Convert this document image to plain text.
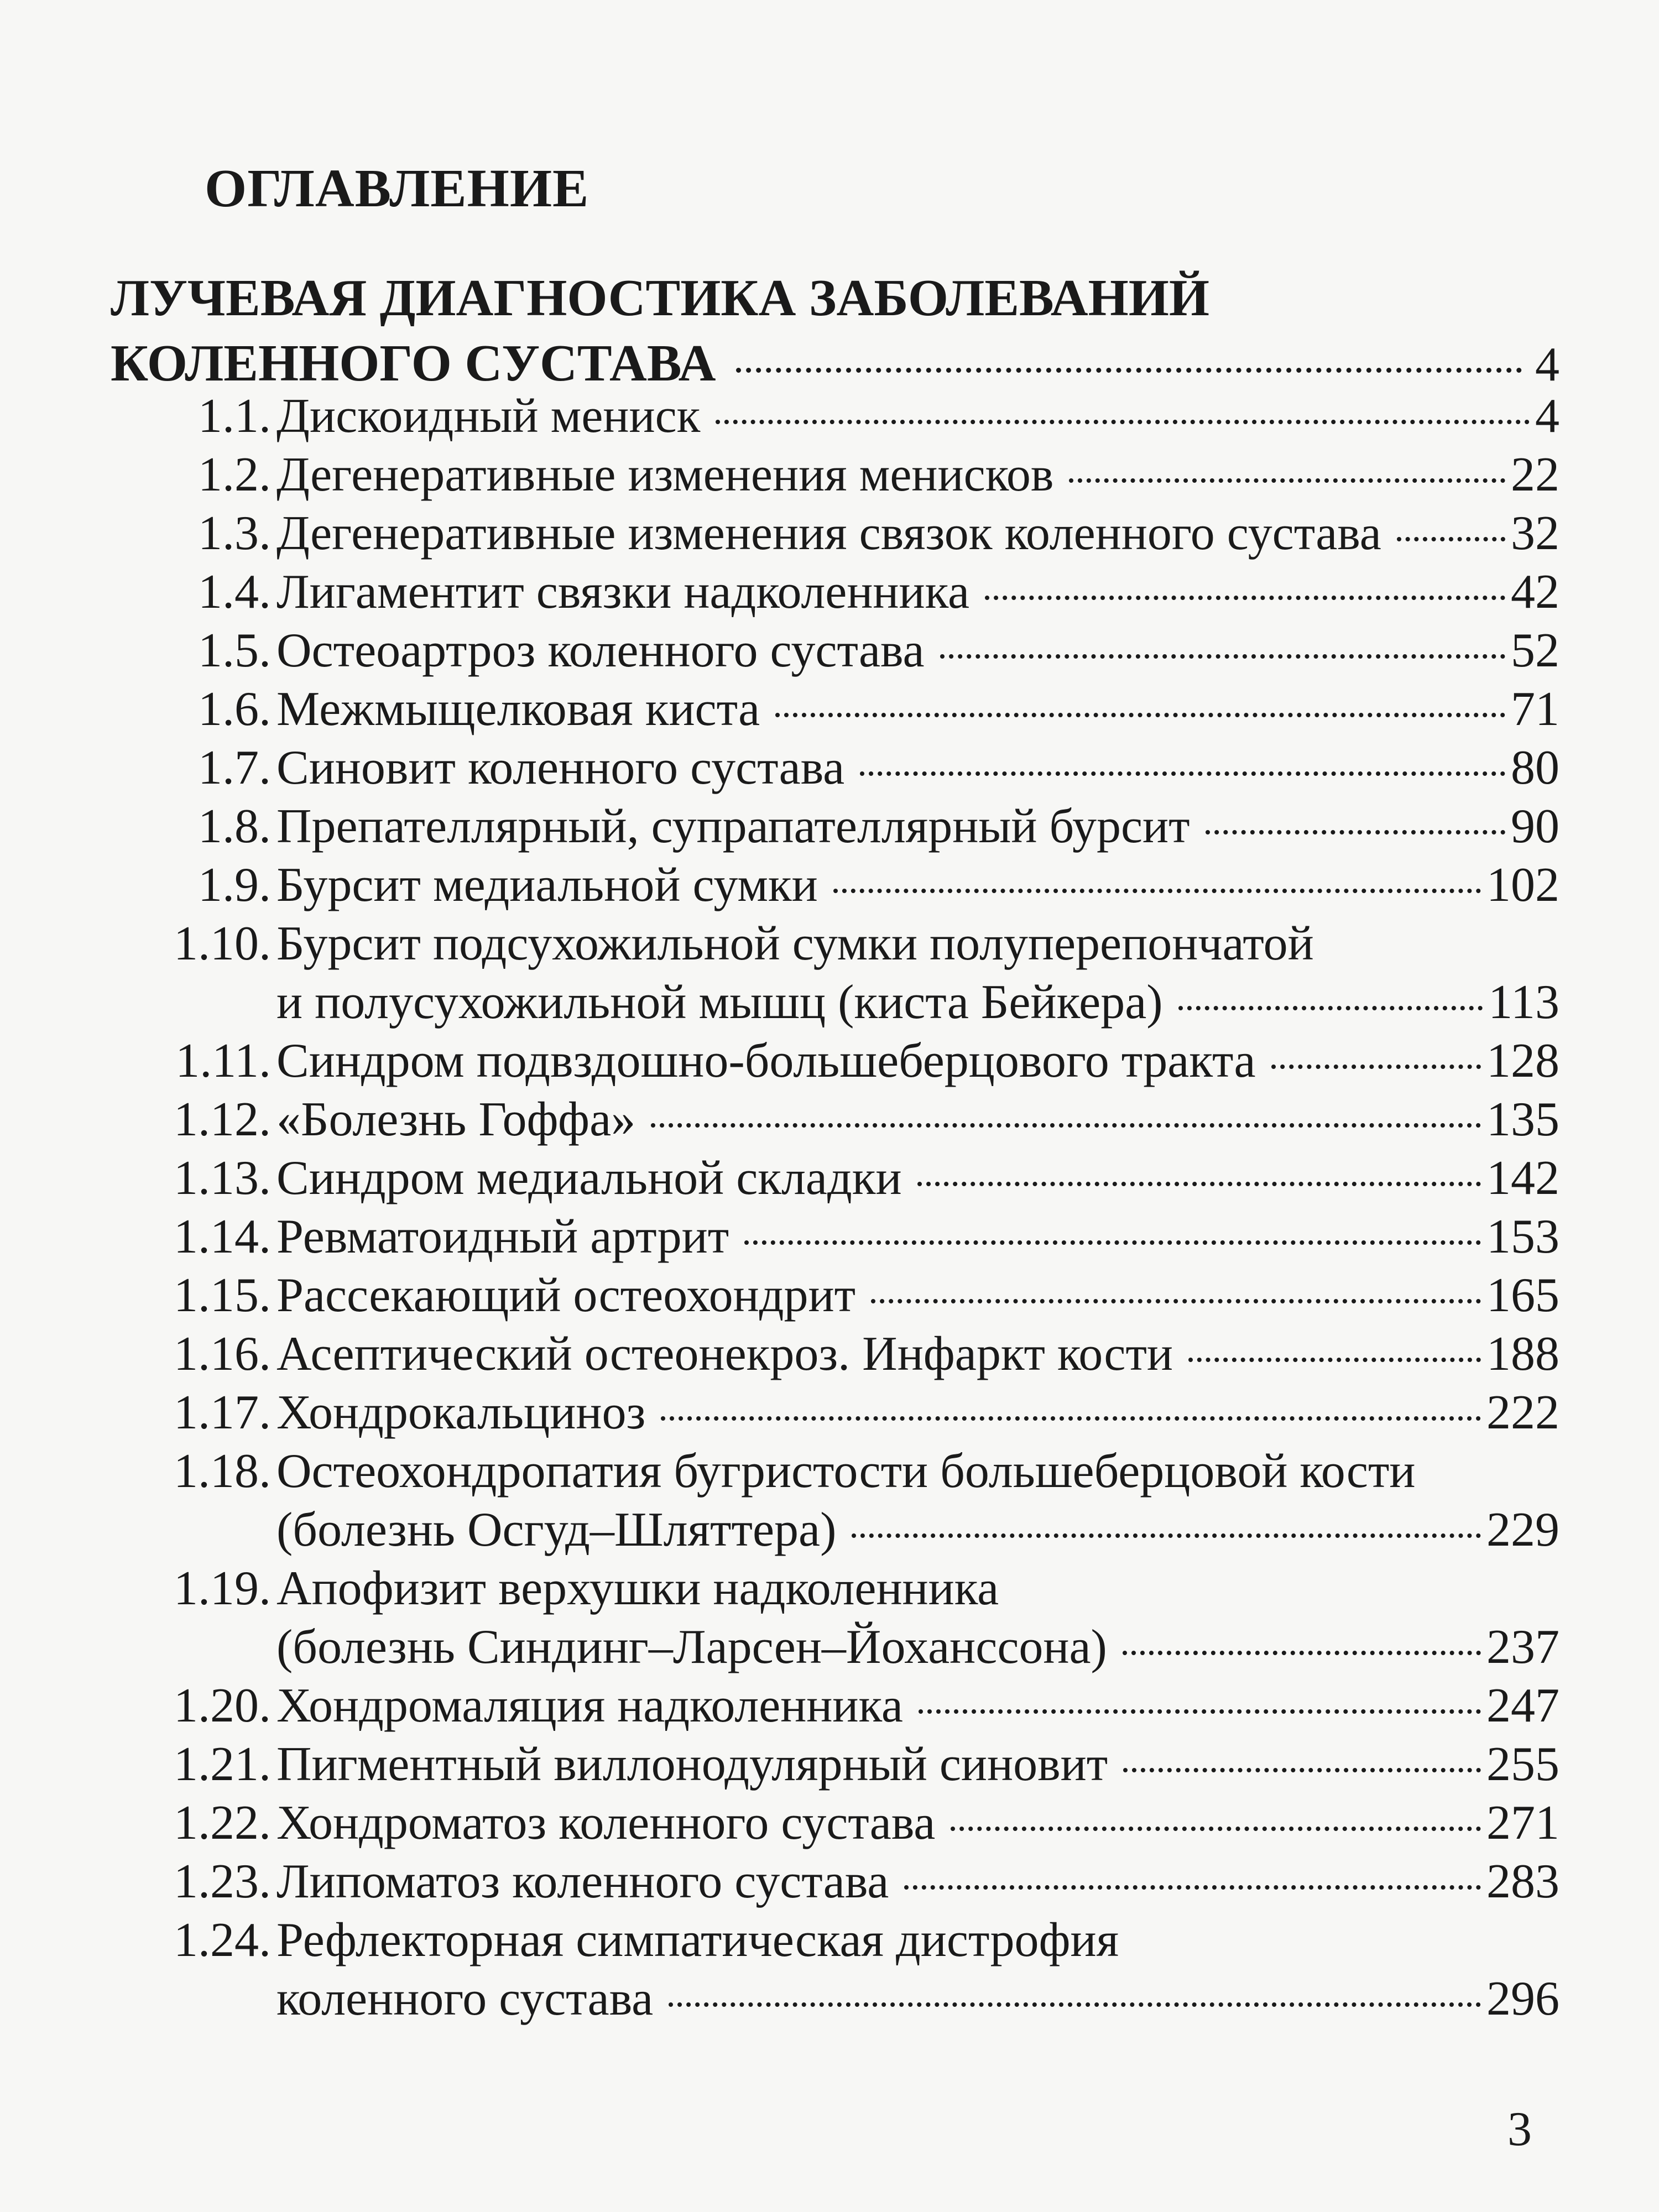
ОГЛАВЛЕНИЕ
ЛУЧЕВАЯ ДИАГНОСТИКА ЗАБОЛЕВАНИЙ
КОЛЕННОГО СУСТАВА	4
1.1. Дискоидный мениск	4
1.2. Дегенеративные изменения менисков	22
1.3. Дегенеративные изменения связок коленного сустава	32
1.4. Лигаментит связки надколенника	42
1.5. Остеоартроз коленного сустава	52
1.6. Межмыщелковая киста	71
1.7. Синовит коленного сустава	80
1.8. Препателлярный, супрапателлярный бурсит	90
1.9. Бурсит медиальной сумки	102
1.10. Бурсит подсухожильной сумки полуперепончатой
и полусухожильной мышц (киста Бейкера)	113
1.11. Синдром подвздошно-большеберцового тракта	128
1.12. «Болезнь Гоффа»	135
1.13. Синдром медиальной складки	142
1.14. Ревматоидный артрит	153
1.15. Рассекающий остеохондрит	165
1.16. Асептический остеонекроз. Инфаркт кости	188
1.17. Хондрокальциноз	222
1.18. Остеохондропатия бугристости большеберцовой кости
(болезнь Осгуд–Шляттера)	229
1.19. Апофизит верхушки надколенника
(болезнь Синдинг–Ларсен–Йохансcона)	237
1.20. Хондромаляция надколенника	247
1.21. Пигментный виллонодулярный синовит	255
1.22. Хондроматоз коленного сустава	271
1.23. Липоматоз коленного сустава	283
1.24. Рефлекторная симпатическая дистрофия
коленного сустава	296
3
